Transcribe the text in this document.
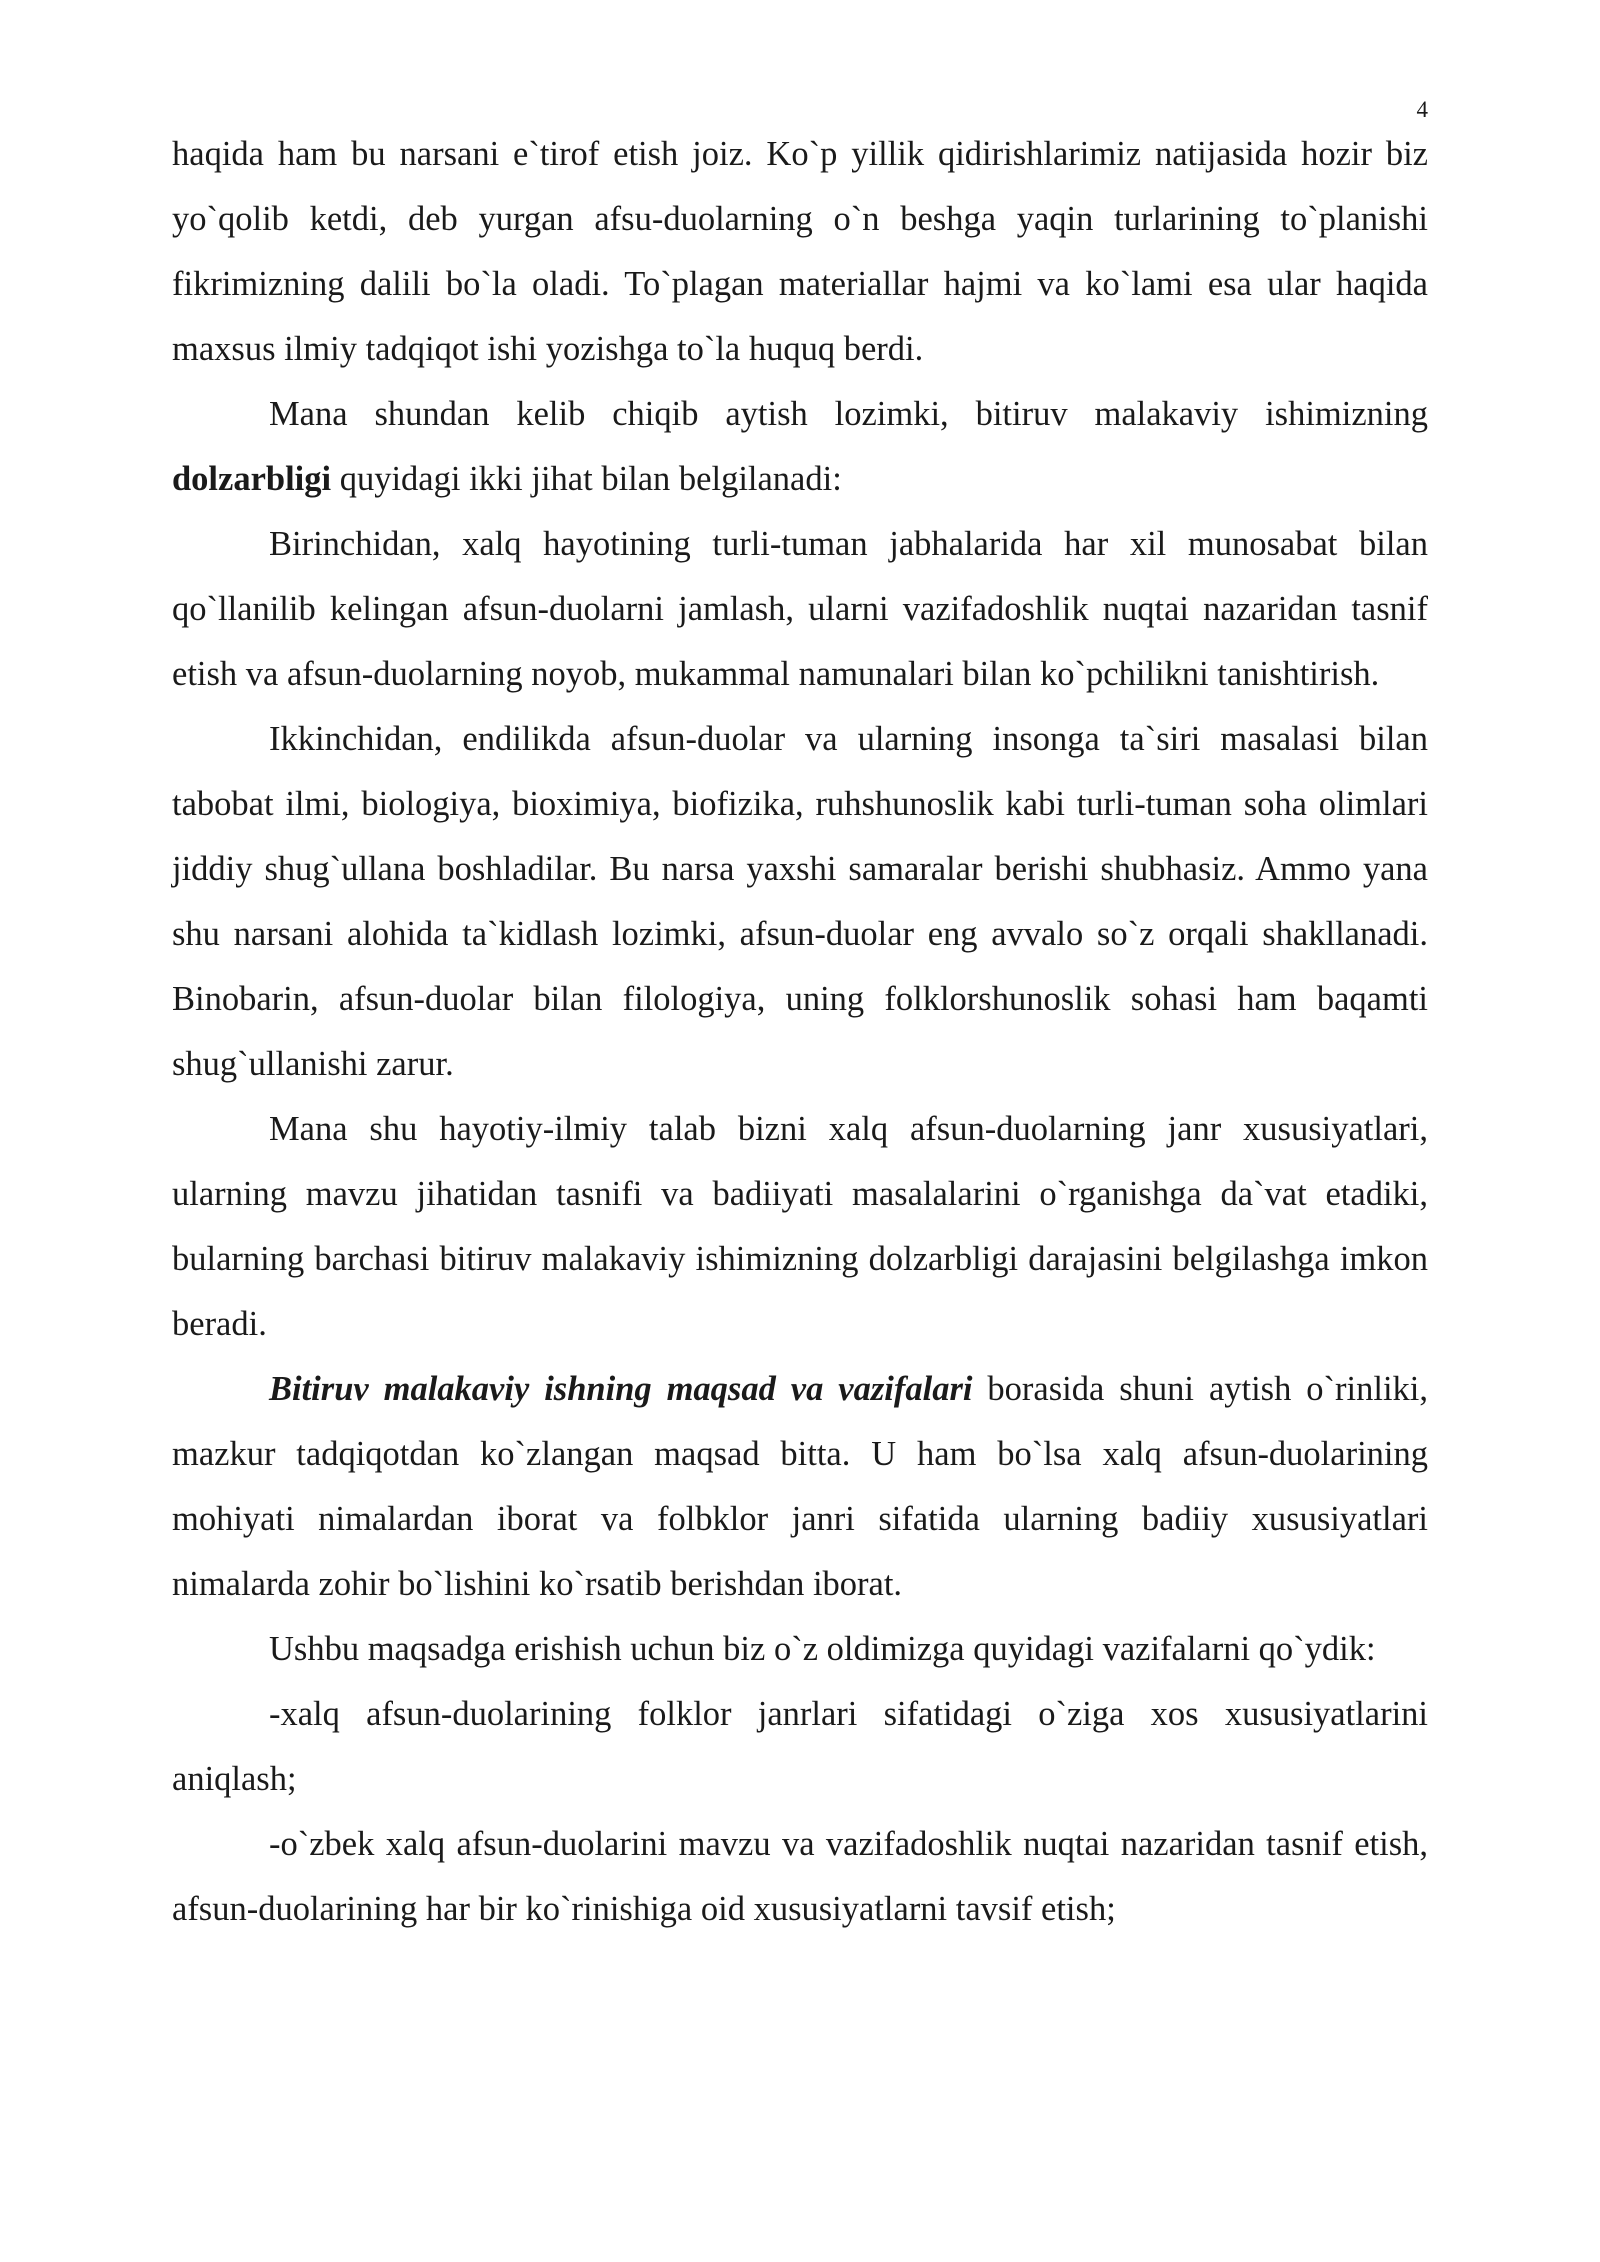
4

haqida ham bu narsani e`tirof etish joiz. Ko`p yillik qidirishlarimiz natijasida hozir biz yo`qolib ketdi, deb yurgan afsu-duolarning o`n beshga yaqin turlarining to`planishi fikrimizning dalili bo`la oladi. To`plagan materiallar hajmi va ko`lami esa ular haqida maxsus ilmiy tadqiqot ishi yozishga to`la huquq berdi.

Mana shundan kelib chiqib aytish lozimki, bitiruv malakaviy ishimizning dolzarbligi quyidagi ikki jihat bilan belgilanadi:

Birinchidan, xalq hayotining turli-tuman jabhalarida har xil munosabat bilan qo`llanilib kelingan afsun-duolarni jamlash, ularni vazifadoshlik nuqtai nazaridan tasnif etish va afsun-duolarning noyob, mukammal namunalari bilan ko`pchilikni tanishtirish.

Ikkinchidan, endilikda afsun-duolar va ularning insonga ta`siri masalasi bilan tabobat ilmi, biologiya, bioximiya, biofizika, ruhshunoslik kabi turli-tuman soha olimlari jiddiy shug`ullana boshladilar. Bu narsa yaxshi samaralar berishi shubhasiz. Ammo yana shu narsani alohida ta`kidlash lozimki, afsun-duolar eng avvalo so`z orqali shakllanadi. Binobarin, afsun-duolar bilan filologiya, uning folklorshunoslik sohasi ham baqamti shug`ullanishi zarur.

Mana shu hayotiy-ilmiy talab bizni xalq afsun-duolarning janr xususiyatlari, ularning mavzu jihatidan tasnifi va badiiyati masalalarini o`rganishga da`vat etadiki, bularning barchasi bitiruv malakaviy ishimizning dolzarbligi darajasini belgilashga imkon beradi.

Bitiruv malakaviy ishning maqsad va vazifalari borasida shuni aytish o`rinliki, mazkur tadqiqotdan ko`zlangan maqsad bitta. U ham bo`lsa xalq afsun-duolarining mohiyati nimalardan iborat va folbklor janri sifatida ularning badiiy xususiyatlari nimalarda zohir bo`lishini ko`rsatib berishdan iborat.

Ushbu maqsadga erishish uchun biz o`z oldimizga quyidagi vazifalarni qo`ydik:

-xalq afsun-duolarining folklor janrlari sifatidagi o`ziga xos xususiyatlarini aniqlash;

-o`zbek xalq afsun-duolarini mavzu va vazifadoshlik nuqtai nazaridan tasnif etish, afsun-duolarining har bir ko`rinishiga oid xususiyatlarni tavsif etish;
